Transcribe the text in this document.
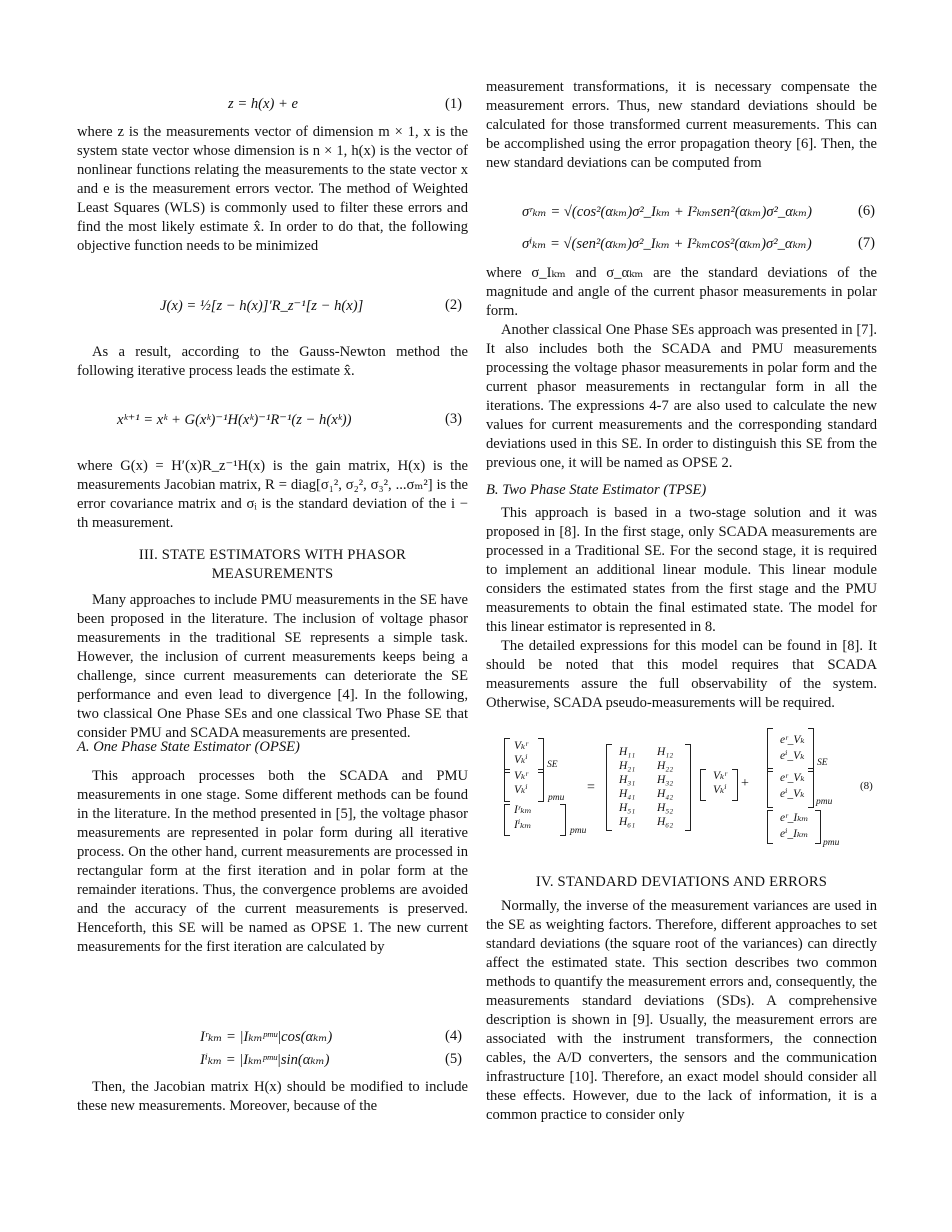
z = h(x) + e	(1)
where z is the measurements vector of dimension m × 1, x is the system state vector whose dimension is n × 1, h(x) is the vector of nonlinear functions relating the measurements to the state vector x and e is the measurement errors vector. The method of Weighted Least Squares (WLS) is commonly used to filter these errors and find the most likely estimate x̂. In order to do that, the following objective function needs to be minimized
J(x) = ½[z − h(x)]′R_z⁻¹[z − h(x)]	(2)
As a result, according to the Gauss-Newton method the following iterative process leads the estimate x̂.
xᵏ⁺¹ = xᵏ + G(xᵏ)⁻¹H(xᵏ)⁻¹R⁻¹(z − h(xᵏ))	(3)
where G(x) = H′(x)R_z⁻¹H(x) is the gain matrix, H(x) is the measurements Jacobian matrix, R = diag[σ₁², σ₂², σ₃², ...σₘ²] is the error covariance matrix and σᵢ is the standard deviation of the i − th measurement.
III. STATE ESTIMATORS WITH PHASOR MEASUREMENTS
Many approaches to include PMU measurements in the SE have been proposed in the literature. The inclusion of voltage phasor measurements in the traditional SE represents a simple task. However, the inclusion of current measurements keeps being a challenge, since current measurements can deteriorate the SE performance and even lead to divergence [4]. In the following, two classical One Phase SEs and one classical Two Phase SE that consider PMU and SCADA measurements are presented.
A. One Phase State Estimator (OPSE)
This approach processes both the SCADA and PMU measurements in one stage. Some different methods can be found in the literature. In the method presented in [5], the voltage phasor measurements are represented in polar form during all iterative process. On the other hand, current measurements are processed in rectangular form at the first iteration and in polar form at the remainder iterations. Thus, the convergence problems are avoided and the accuracy of the current measurements is preserved. Henceforth, this SE will be named as OPSE 1. The new current measurements for the first iteration are calculated by
Iʳₖₘ = |Iₖₘᵖᵐᵘ|cos(αₖₘ)	(4)
Iⁱₖₘ = |Iₖₘᵖᵐᵘ|sin(αₖₘ)	(5)
Then, the Jacobian matrix H(x) should be modified to include these new measurements. Moreover, because of the
measurement transformations, it is necessary compensate the measurement errors. Thus, new standard deviations should be calculated for those transformed current measurements. This can be accomplished using the error propagation theory [6]. Then, the new standard deviations can be computed from
σʳₖₘ = √(cos²(αₖₘ)σ²_Iₖₘ + I²ₖₘsen²(αₖₘ)σ²_αₖₘ)	(6)
σⁱₖₘ = √(sen²(αₖₘ)σ²_Iₖₘ + I²ₖₘcos²(αₖₘ)σ²_αₖₘ)	(7)
where σ_Iₖₘ and σ_αₖₘ are the standard deviations of the magnitude and angle of the current phasor measurements in polar form.
Another classical One Phase SEs approach was presented in [7]. It also includes both the SCADA and PMU measurements processing the voltage phasor measurements in polar form and the current phasor measurements in rectangular form in all the iterations. The expressions 4-7 are also used to calculate the new values for current measurements and the corresponding standard deviations used in this SE. In order to distinguish this SE from the previous one, it will be named as OPSE 2.
B. Two Phase State Estimator (TPSE)
This approach is based in a two-stage solution and it was proposed in [8]. In the first stage, only SCADA measurements are processed in a Traditional SE. For the second stage, it is required to implement an additional linear module. This linear module considers the estimated states from the first stage and the PMU measurements to obtain the final estimated state. The model for this linear estimator is represented in 8.
The detailed expressions for this model can be found in [8]. It should be noted that this model requires that SCADA measurements assure the full observability of the system. Otherwise, SCADA pseudo-measurements will be required.
Vₖʳ
Vₖⁱ SE
Vₖʳ
Vₖⁱ
pmu
Iʳₖₘ
Iⁱₖₘ	pmu
=
H₁₁ H₁₂
H₂₁ H₂₂
H₃₁ H₃₂
H₄₁ H₄₂
H₅₁ H₅₂
H₆₁ H₆₂
Vₖʳ
Vₖⁱ +
eʳ_Vₖ
eⁱ_Vₖ
SE
eʳ_Vₖ
eⁱ_Vₖ
pmu
eʳ_Iₖₘ
eⁱ_Iₖₘ
pmu
(8)
IV. STANDARD DEVIATIONS AND ERRORS
Normally, the inverse of the measurement variances are used in the SE as weighting factors. Therefore, different approaches to set standard deviations (the square root of the variances) can directly affect the estimated state. This section describes two common methods to quantify the measurement errors and, consequently, the measurements standard deviations (SDs). A comprehensive description is shown in [9]. Usually, the measurement errors are associated with the instrument transformers, the connection cables, the A/D converters, the sensors and the communication infrastructure [10]. Therefore, an exact model should consider all these effects. However, due to the lack of information, it is a common practice to consider only
